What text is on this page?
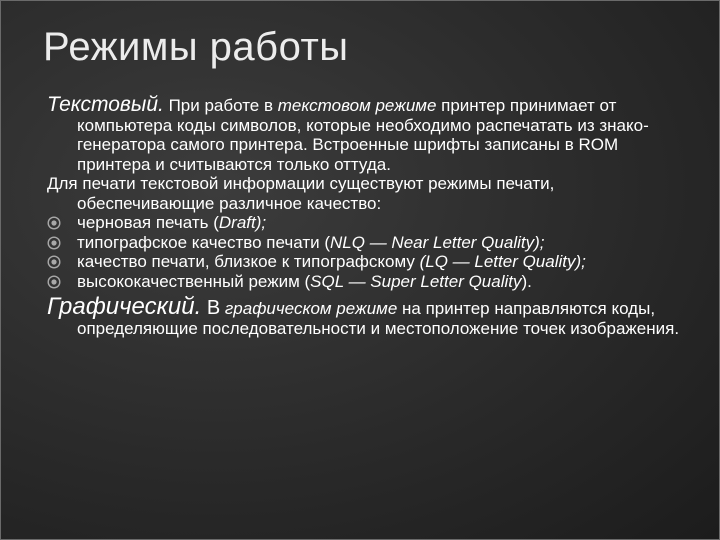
Режимы работы

Текстовый. При работе в текстовом режиме принтер принимает от компьютера коды символов, которые необходимо распечатать из знако-генератора самого принтера. Встроенные шрифты записаны в ROM принтера и считываются только оттуда.

Для печати текстовой информации существуют режимы печати, обеспечивающие различное качество:

черновая печать (Draft);
типографское качество печати (NLQ — Near Letter Quality);
качество печати, близкое к типографскому (LQ — Letter Quality);
высококачественный режим (SQL — Super Letter Quality).

Графический. В графическом режиме на принтер направляются коды, определяющие последовательности и местоположение точек изображения.
